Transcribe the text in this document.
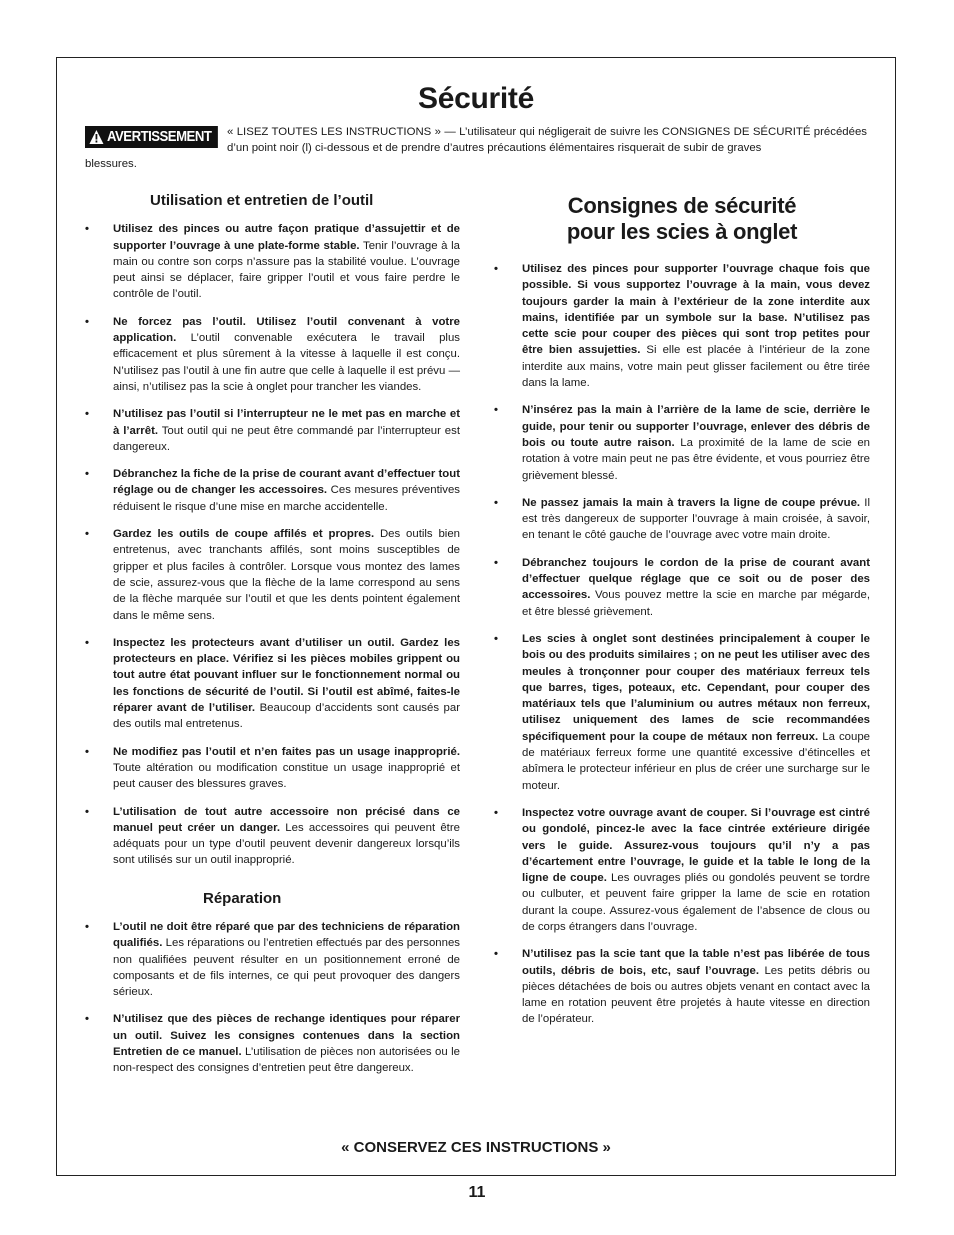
Sécurité
AVERTISSEMENT	« LISEZ TOUTES LES INSTRUCTIONS » — L’utilisateur qui négligerait de suivre les CONSIGNES DE SÉCURITÉ précédées d’un point noir (l) ci-dessous et de prendre d’autres précautions élémentaires risquerait de subir de graves
blessures.
Utilisation et entretien de l’outil
• Utilisez des pinces ou autre façon pratique d’assujettir et de supporter l’ouvrage à une plate-forme stable. Tenir l’ouvrage à la main ou contre son corps n’assure pas la stabilité voulue. L’ouvrage peut ainsi se déplacer, faire gripper l’outil et vous faire perdre le contrôle de l’outil.
• Ne forcez pas l’outil. Utilisez l’outil convenant à votre application. L’outil convenable exécutera le travail plus efficacement et plus sûrement à la vitesse à laquelle il est conçu. N’utilisez pas l’outil à une fin autre que celle à laquelle il est prévu — ainsi, n’utilisez pas la scie à onglet pour trancher les viandes.
• N’utilisez pas l’outil si l’interrupteur ne le met pas en marche et à l’arrêt. Tout outil qui ne peut être commandé par l’interrupteur est dangereux.
• Débranchez la fiche de la prise de courant avant d’effectuer tout réglage ou de changer les accessoires. Ces mesures préventives réduisent le risque d’une mise en marche accidentelle.
• Gardez les outils de coupe affilés et propres. Des outils bien entretenus, avec tranchants affilés, sont moins susceptibles de gripper et plus faciles à contrôler. Lorsque vous montez des lames de scie, assurez-vous que la flèche de la lame correspond au sens de la flèche marquée sur l’outil et que les dents pointent également dans le même sens.
• Inspectez les protecteurs avant d’utiliser un outil. Gardez les protecteurs en place. Vérifiez si les pièces mobiles grippent ou tout autre état pouvant influer sur le fonctionnement normal ou les fonctions de sécurité de l’outil. Si l’outil est abîmé, faites-le réparer avant de l’utiliser. Beaucoup d’accidents sont causés par des outils mal entretenus.
• Ne modifiez pas l’outil et n’en faites pas un usage inapproprié. Toute altération ou modification constitue un usage inapproprié et peut causer des blessures graves.
• L’utilisation de tout autre accessoire non précisé dans ce manuel peut créer un danger. Les accessoires qui peuvent être adéquats pour un type d’outil peuvent devenir dangereux lorsqu’ils sont utilisés sur un outil inapproprié.
Réparation
• L’outil ne doit être réparé que par des techniciens de réparation qualifiés. Les réparations ou l’entretien effectués par des personnes non qualifiées peuvent résulter en un positionnement erroné de composants et de fils internes, ce qui peut provoquer des dangers sérieux.
• N’utilisez que des pièces de rechange identiques pour réparer un outil. Suivez les consignes contenues dans la section Entretien de ce manuel. L’utilisation de pièces non autorisées ou le non-respect des consignes d’entretien peut être dangereux.
Consignes de sécurité
pour les scies à onglet
• Utilisez des pinces pour supporter l’ouvrage chaque fois que possible. Si vous supportez l’ouvrage à la main, vous devez toujours garder la main à l’extérieur de la zone interdite aux mains, identifiée par un symbole sur la base. N’utilisez pas cette scie pour couper des pièces qui sont trop petites pour être bien assujetties. Si elle est placée à l’intérieur de la zone interdite aux mains, votre main peut glisser facilement ou être tirée dans la lame.
• N’insérez pas la main à l’arrière de la lame de scie, derrière le guide, pour tenir ou supporter l’ouvrage, enlever des débris de bois ou toute autre raison. La proximité de la lame de scie en rotation à votre main peut ne pas être évidente, et vous pourriez être grièvement blessé.
• Ne passez jamais la main à travers la ligne de coupe prévue. Il est très dangereux de supporter l’ouvrage à main croisée, à savoir, en tenant le côté gauche de l’ouvrage avec votre main droite.
• Débranchez toujours le cordon de la prise de courant avant d’effectuer quelque réglage que ce soit ou de poser des accessoires. Vous pouvez mettre la scie en marche par mégarde, et être blessé grièvement.
• Les scies à onglet sont destinées principalement à couper le bois ou des produits similaires ; on ne peut les utiliser avec des meules à tronçonner pour couper des matériaux ferreux tels que barres, tiges, poteaux, etc. Cependant, pour couper des matériaux tels que l’aluminium ou autres métaux non ferreux, utilisez uniquement des lames de scie recommandées spécifiquement pour la coupe de métaux non ferreux. La coupe de matériaux ferreux forme une quantité excessive d’étincelles et abîmera le protecteur inférieur en plus de créer une surcharge sur le moteur.
• Inspectez votre ouvrage avant de couper. Si l’ouvrage est cintré ou gondolé, pincez-le avec la face cintrée extérieure dirigée vers le guide. Assurez-vous toujours qu’il n’y a pas d’écartement entre l’ouvrage, le guide et la table le long de la ligne de coupe. Les ouvrages pliés ou gondolés peuvent se tordre ou culbuter, et peuvent faire gripper la lame de scie en rotation durant la coupe. Assurez-vous également de l’absence de clous ou de corps étrangers dans l’ouvrage.
• N’utilisez pas la scie tant que la table n’est pas libérée de tous outils, débris de bois, etc, sauf l’ouvrage. Les petits débris ou pièces détachées de bois ou autres objets venant en contact avec la lame en rotation peuvent être projetés à haute vitesse en direction de l’opérateur.
« CONSERVEZ CES INSTRUCTIONS »
11
